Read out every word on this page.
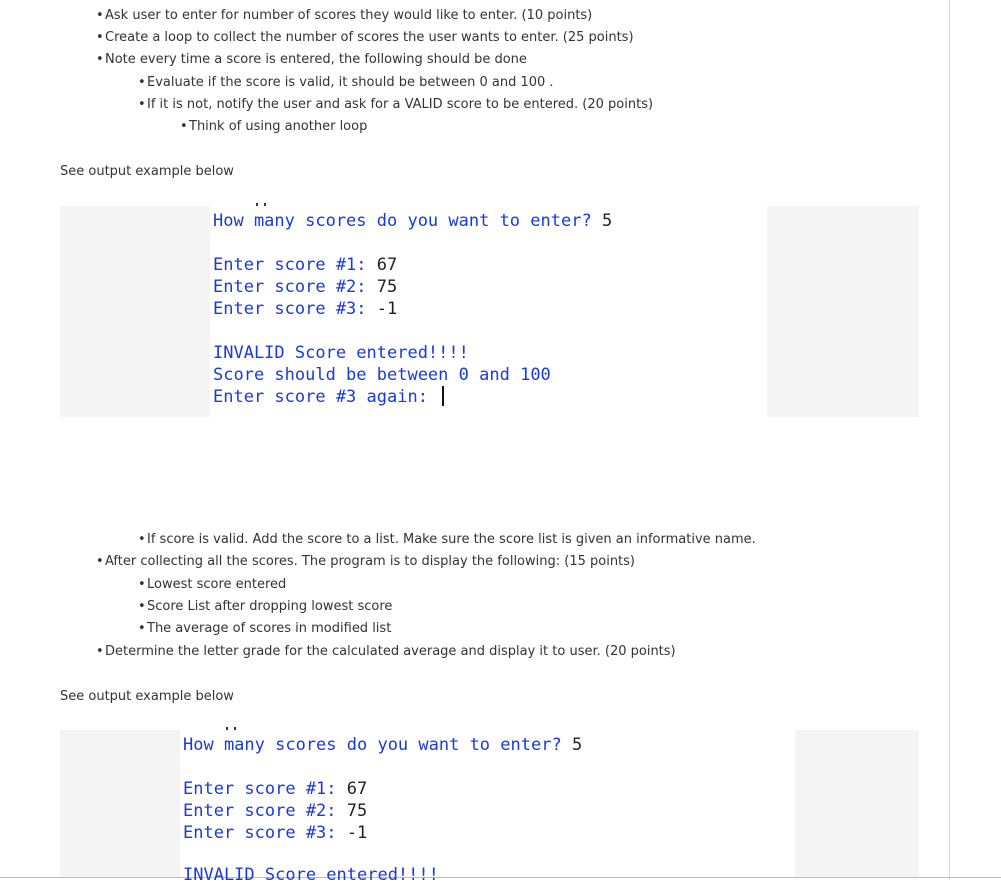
•Ask user to enter for number of scores they would like to enter. (10 points)
•Create a loop to collect the number of scores the user wants to enter. (25 points)
•Note every time a score is entered, the following should be done
•Evaluate if the score is valid, it should be between 0 and 100 .
•If it is not, notify the user and ask for a VALID score to be entered. (20 points)
•Think of using another loop
See output example below
How many scores do you want to enter? 5
Enter score #1: 67
Enter score #2: 75
Enter score #3: -1
INVALID Score entered!!!!
Score should be between 0 and 100
Enter score #3 again:
•If score is valid. Add the score to a list. Make sure the score list is given an informative name.
•After collecting all the scores. The program is to display the following: (15 points)
•Lowest score entered
•Score List after dropping lowest score
•The average of scores in modified list
•Determine the letter grade for the calculated average and display it to user. (20 points)
See output example below
How many scores do you want to enter? 5
Enter score #1: 67
Enter score #2: 75
Enter score #3: -1
INVALID Score entered!!!!
